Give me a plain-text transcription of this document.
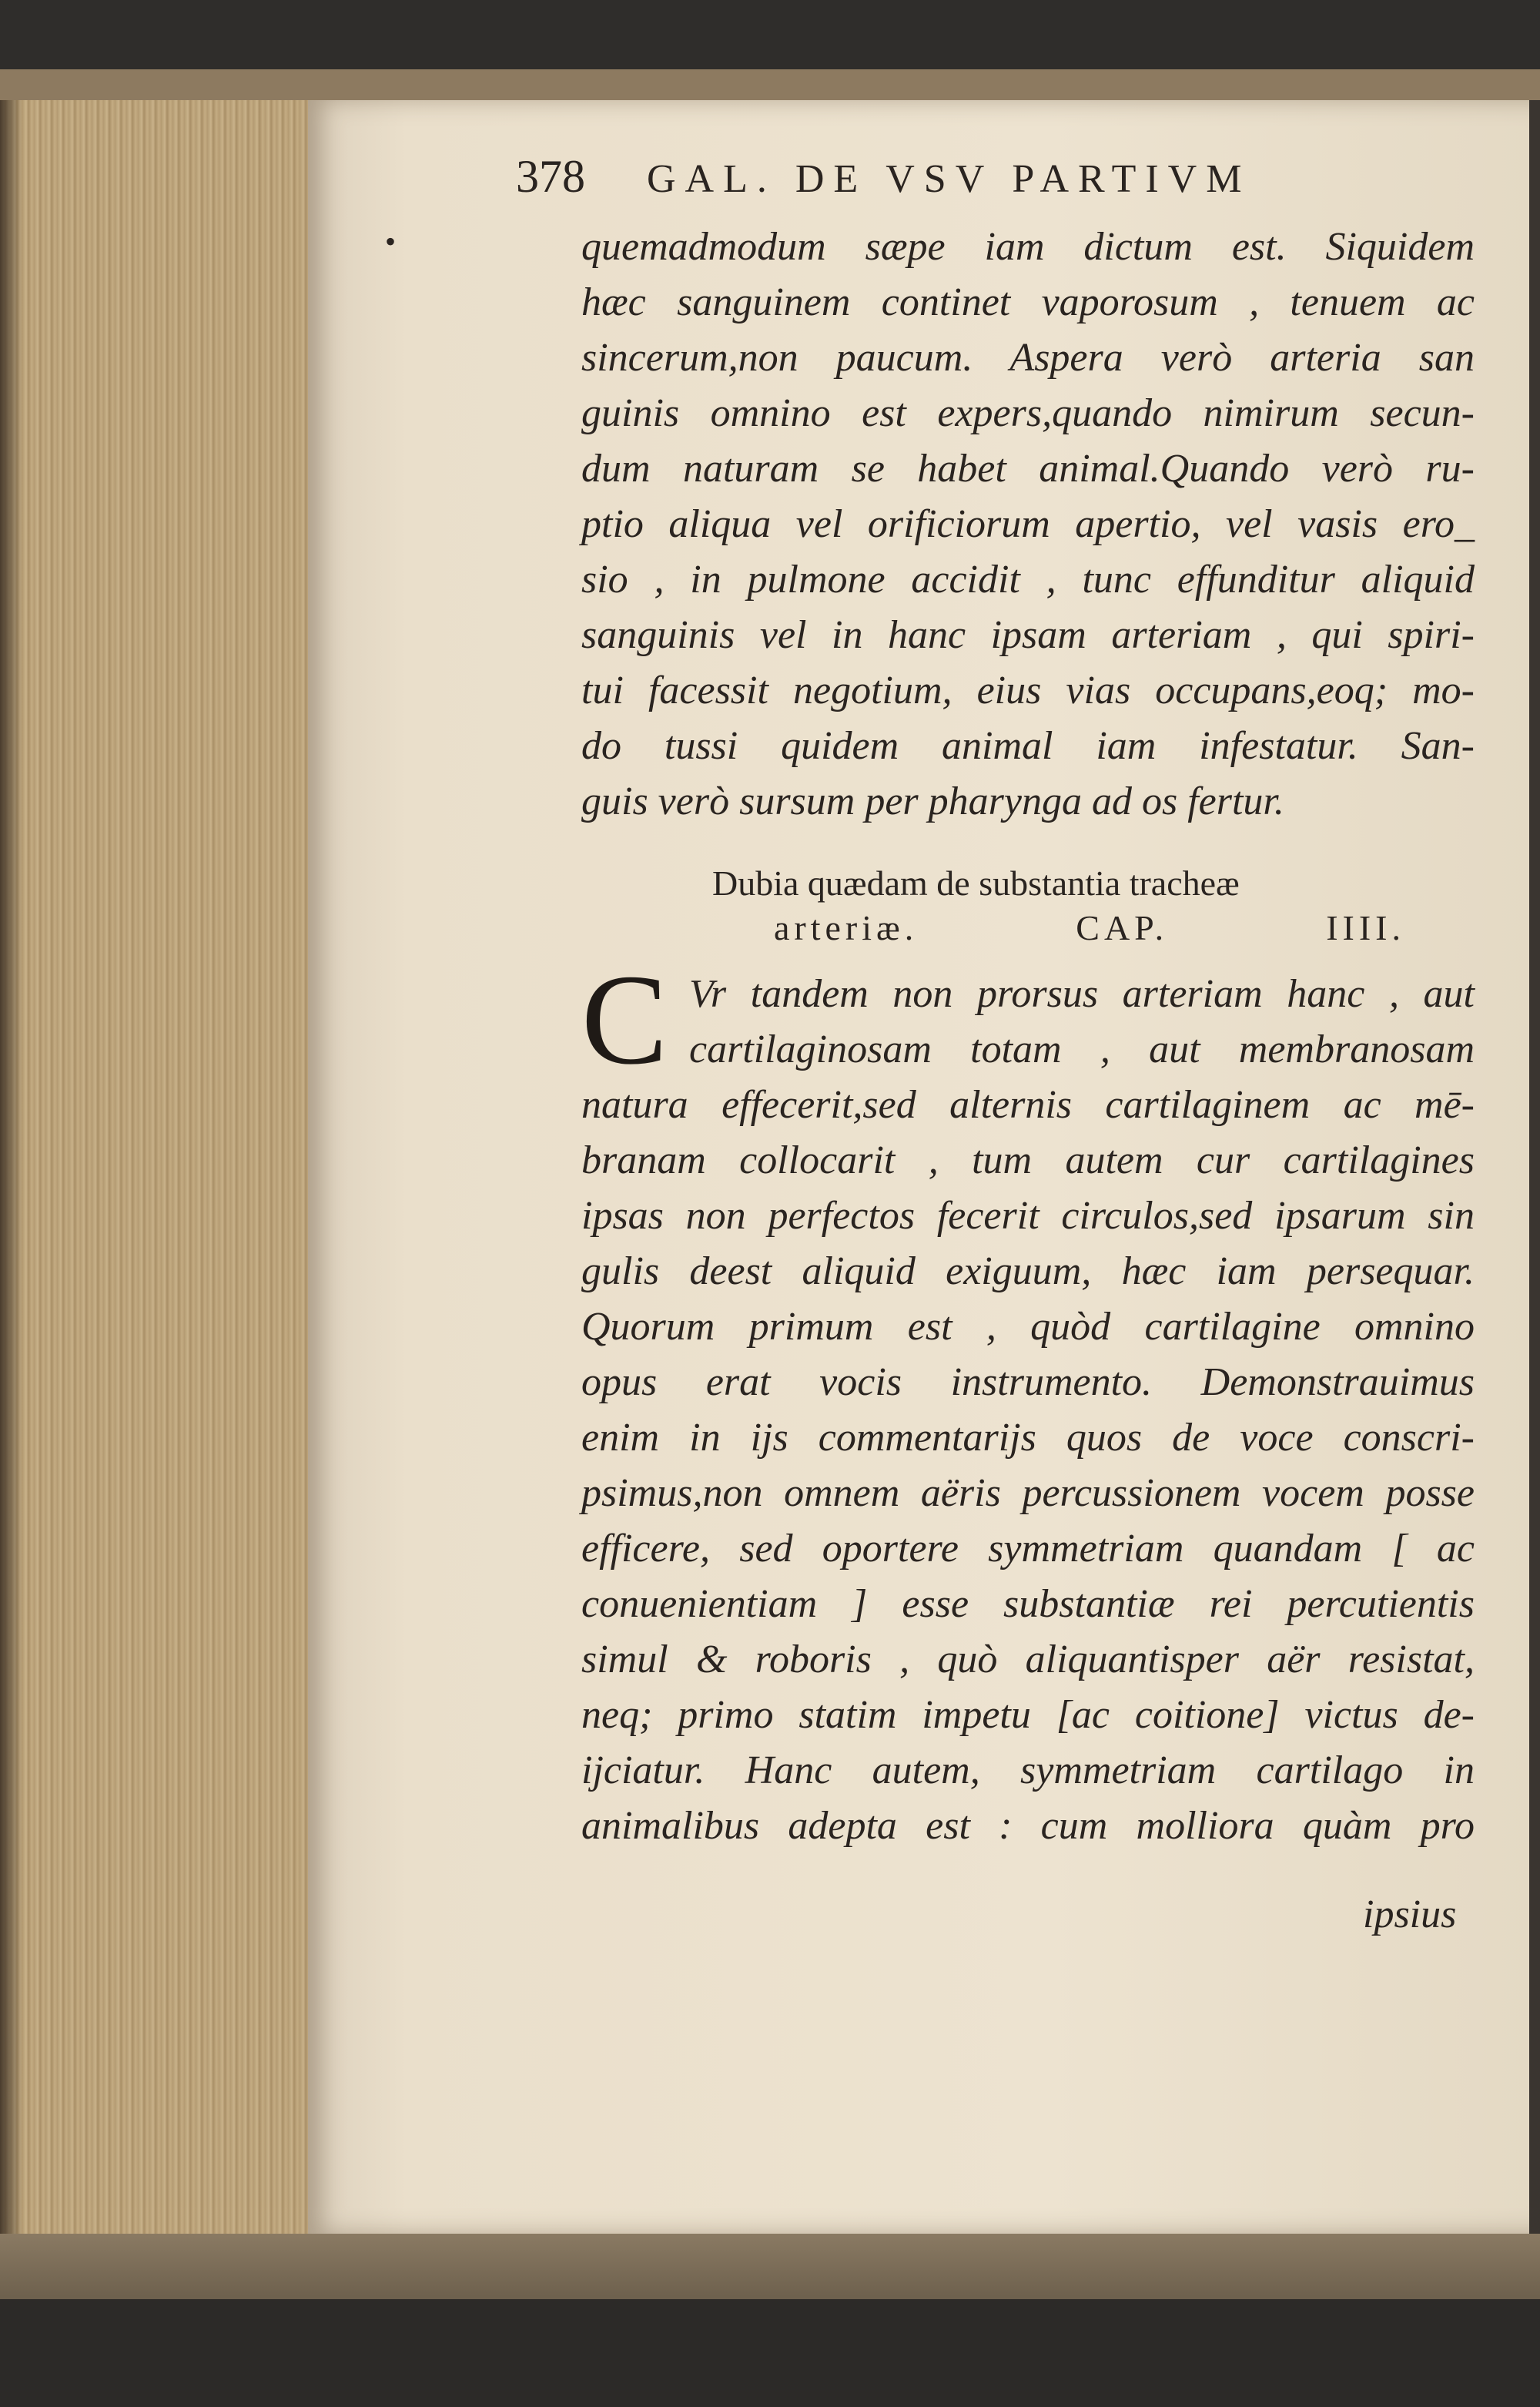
•
378 GAL. DE VSV PARTIVM
quemadmodum sæpe iam dictum est. Siquidem
hæc sanguinem continet vaporosum , tenuem ac
sincerum,non paucum. Aspera verò arteria san
guinis omnino est expers,quando nimirum secun-
dum naturam se habet animal.Quando verò ru-
ptio aliqua vel orificiorum apertio, vel vasis ero_
sio , in pulmone accidit , tunc effunditur aliquid
sanguinis vel in hanc ipsam arteriam , qui spiri-
tui facessit negotium, eius vias occupans,eoq; mo-
do tussi quidem animal iam infestatur. San-
guis verò sursum per pharynga ad os fertur.
Dubia quædam de substantia tracheæ
arteriæ.	CAP.	IIII.
C Vr tandem non prorsus arteriam hanc , aut
cartilaginosam totam , aut membranosam
natura effecerit,sed alternis cartilaginem ac mē-
branam collocarit , tum autem cur cartilagines
ipsas non perfectos fecerit circulos,sed ipsarum sin
gulis deest aliquid exiguum, hæc iam persequar.
Quorum primum est , quòd cartilagine omnino
opus erat vocis instrumento. Demonstrauimus
enim in ijs commentarijs quos de voce conscri-
psimus,non omnem aëris percussionem vocem posse
efficere, sed oportere symmetriam quandam [ ac
conuenientiam ] esse substantiæ rei percutientis
simul & roboris , quò aliquantisper aër resistat,
neq; primo statim impetu [ac coitione] victus de-
ijciatur. Hanc autem, symmetriam cartilago in
animalibus adepta est : cum molliora quàm pro
ipsius
